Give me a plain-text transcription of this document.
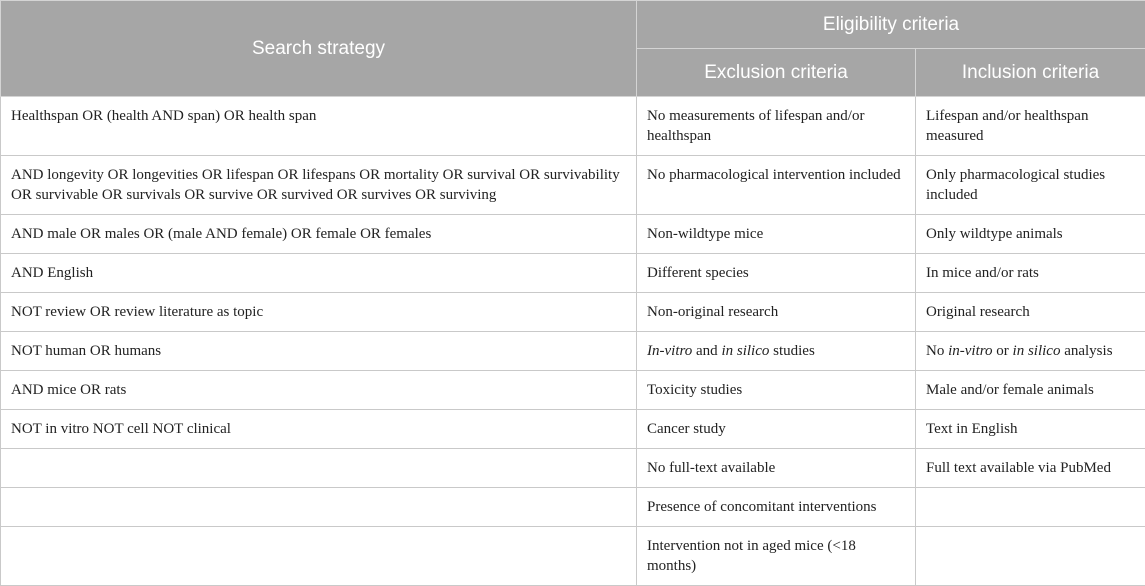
Search strategy	Eligibility criteria	
	Exclusion criteria	Inclusion criteria
Healthspan OR (health AND span) OR health span	No measurements of lifespan and/or healthspan	Lifespan and/or healthspan measured
AND longevity OR longevities OR lifespan OR lifespans OR mortality OR survival OR survivability OR survivable OR survivals OR survive OR survived OR survives OR surviving	No pharmacological intervention included	Only pharmacological studies included
AND male OR males OR (male AND female) OR female OR females	Non-wildtype mice	Only wildtype animals
AND English	Different species	In mice and/or rats
NOT review OR review literature as topic	Non-original research	Original research
NOT human OR humans	In-vitro and in silico studies	No in-vitro or in silico analysis
AND mice OR rats	Toxicity studies	Male and/or female animals
NOT in vitro NOT cell NOT clinical	Cancer study	Text in English
	No full-text available	Full text available via PubMed
	Presence of concomitant interventions	
	Intervention not in aged mice (<18 months)	
